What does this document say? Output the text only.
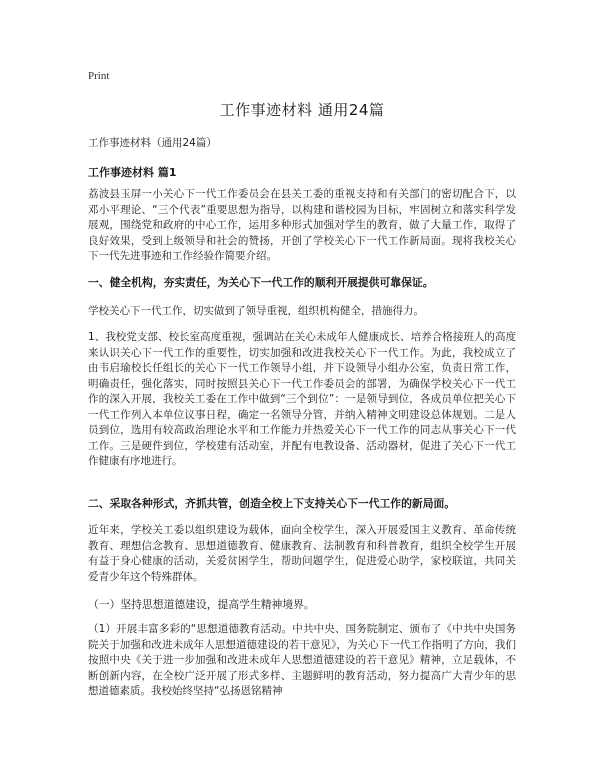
Print
工作事迹材料 通用24篇
工作事迹材料（通用24篇）
工作事迹材料 篇1

荔波县玉屏一小关心下一代工作委员会在县关工委的重视支持和有关部门的密切配合下，以邓小平理论、“三个代表”重要思想为指导，以构建和谐校园为目标，牢固树立和落实科学发展观，围绕党和政府的中心工作，运用多种形式加强对学生的教育，做了大量工作，取得了良好效果，受到上级领导和社会的赞扬，开创了学校关心下一代工作新局面。现将我校关心下一代先进事迹和工作经验作简要介绍。

一、健全机构，夯实责任，为关心下一代工作的顺利开展提供可靠保证。

学校关心下一代工作，切实做到了领导重视，组织机构健全，措施得力。

1、我校党支部、校长室高度重视，强调站在关心未成年人健康成长、培养合格接班人的高度来认识关心下一代工作的重要性，切实加强和改进我校关心下一代工作。为此，我校成立了由韦启瑜校长任组长的关心下一代工作领导小组，并下设领导小组办公室，负责日常工作，明确责任，强化落实，同时按照县关心下一代工作委员会的部署，为确保学校关心下一代工作的深入开展，我校关工委在工作中做到“三个到位”：一是领导到位，各成员单位把关心下一代工作列入本单位议事日程，确定一名领导分管，并纳入精神文明建设总体规划。二是人员到位，选用有较高政治理论水平和工作能力并热爱关心下一代工作的同志从事关心下一代工作。三是硬件到位，学校建有活动室，并配有电教设备、活动器材，促进了关心下一代工作健康有序地进行。

二、采取各种形式，齐抓共管，创造全校上下支持关心下一代工作的新局面。

近年来，学校关工委以组织建设为载体，面向全校学生，深入开展爱国主义教育、革命传统教育、理想信念教育、思想道德教育、健康教育、法制教育和科普教育，组织全校学生开展有益于身心健康的活动，关爱贫困学生，帮助问题学生，促进爱心助学，家校联谊，共同关爱青少年这个特殊群体。

（一）坚持思想道德建设，提高学生精神境界。

（1）开展丰富多彩的“思想道德教育活动。中共中央、国务院制定、颁布了《中共中央国务院关于加强和改进未成年人思想道德建设的若干意见》，为关心下一代工作指明了方向，我们按照中央《关于进一步加强和改进未成年人思想道德建设的若干意见》精神，立足载体，不断创新内容，在全校广泛开展了形式多样、主题鲜明的教育活动，努力提高广大青少年的思想道德素质。我校始终坚持“弘扬恩铭精神
